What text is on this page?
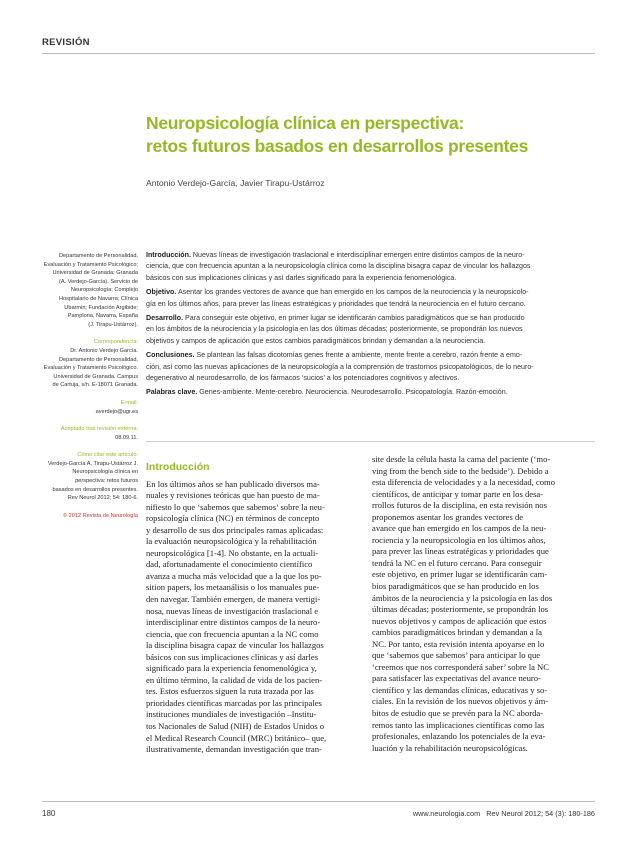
REVISIÓN
Neuropsicología clínica en perspectiva:
retos futuros basados en desarrollos presentes
Antonio Verdejo-García, Javier Tirapu-Ustárroz

Departamento de Personalidad,

Evaluación y Tratamiento Psicológico;

Universidad de Granada; Granada

(A. Verdejo-García). Servicio de

Neuropsicología; Complejo

Hospitalario de Navarra; Clínica

Ubarmin; Fundación Argibide;

Pamplona, Navarra, España

(J. Tirapu-Ustárroz).

Correspondencia:

Dr. Antonio Verdejo García.

Departamento de Personalidad,

Evaluación y Tratamiento Psicológico.

Universidad de Granada. Campus

de Cartuja, s/n. E-18071 Granada.

E-mail:

averdejo@ugr.es

Aceptado tras revisión externa:

08.09.11.

Cómo citar este artículo:

Verdejo-García A, Tirapu-Ustárroz J.

Neuropsicología clínica en

perspectiva: retos futuros

basados en desarrollos presentes.

Rev Neurol 2012; 54: 180-6.

© 2012 Revista de Neurología

Introducción. Nuevas líneas de investigación traslacional e interdisciplinar emergen entre distintos campos de la neuro-
ciencia, que con frecuencia apuntan a la neuropsicología clínica como la disciplina bisagra capaz de vincular los hallazgos
básicos con sus implicaciones clínicas y así darles significado para la experiencia fenomenológica.

Objetivo. Asentar los grandes vectores de avance que han emergido en los campos de la neurociencia y la neuropsicolo-
gía en los últimos años, para prever las líneas estratégicas y prioridades que tendrá la neurociencia en el futuro cercano.

Desarrollo. Para conseguir este objetivo, en primer lugar se identificarán cambios paradigmáticos que se han producido
en los ámbitos de la neurociencia y la psicología en las dos últimas décadas; posteriormente, se propondrán los nuevos
objetivos y campos de aplicación que estos cambios paradigmáticos brindan y demandan a la neurociencia.

Conclusiones. Se plantean las falsas dicotomías genes frente a ambiente, mente frente a cerebro, razón frente a emo-
ción, así como las nuevas aplicaciones de la neuropsicología a la comprensión de trastornos psicopatológicos, de lo neuro-
degenerativo al neurodesarrollo, de los fármacos ‘sucios’ a los potenciadores cognitivos y afectivos.

Palabras clave. Genes-ambiente. Mente-cerebro. Neurociencia. Neurodesarrollo. Psicopatología. Razón-emoción.

Introducción
En los últimos años se han publicado diversos ma-
nuales y revisiones teóricas que han puesto de ma-
nifiesto lo que ‘sabemos que sabemos’ sobre la neu-
ropsicología clínica (NC) en términos de concepto
y desarrollo de sus dos principales ramas aplicadas:
la evaluación neuropsicológica y la rehabilitación
neuropsicológica [1-4]. No obstante, en la actuali-
dad, afortunadamente el conocimiento científico
avanza a mucha más velocidad que a la que los po-
sition papers, los metaanálisis o los manuales pue-
den navegar. También emergen, de manera vertigi-
nosa, nuevas líneas de investigación traslacional e
interdisciplinar entre distintos campos de la neuro-
ciencia, que con frecuencia apuntan a la NC como
la disciplina bisagra capaz de vincular los hallazgos
básicos con sus implicaciones clínicas y así darles
significado para la experiencia fenomenológica y,
en último término, la calidad de vida de los pacien-
tes. Estos esfuerzos siguen la ruta trazada por las
prioridades científicas marcadas por las principales
instituciones mundiales de investigación –Institu-
tos Nacionales de Salud (NIH) de Estados Unidos o
el Medical Research Council (MRC) británico– que,
ilustrativamente, demandan investigación que tran-
site desde la célula hasta la cama del paciente (‘mo-
ving from the bench side to the bedside’). Debido a
esta diferencia de velocidades y a la necesidad, como
científicos, de anticipar y tomar parte en los desa-
rrollos futuros de la disciplina, en esta revisión nos
proponemos asentar los grandes vectores de
avance que han emergido en los campos de la neu-
rociencia y la neuropsicología en los últimos años,
para prever las líneas estratégicas y prioridades que
tendrá la NC en el futuro cercano. Para conseguir
este objetivo, en primer lugar se identificarán cam-
bios paradigmáticos que se han producido en los
ámbitos de la neurociencia y la psicología en las dos
últimas décadas; posteriormente, se propondrán los
nuevos objetivos y campos de aplicación que estos
cambios paradigmáticos brindan y demandan a la
NC. Por tanto, esta revisión intenta apoyarse en lo
que ‘sabemos que sabemos’ para anticipar lo que
‘creemos que nos corresponderá saber’ sobre la NC
para satisfacer las expectativas del avance neuro-
científico y las demandas clínicas, educativas y so-
ciales. En la revisión de los nuevos objetivos y ám-
bitos de estudio que se prevén para la NC aborda-
remos tanto las implicaciones científicas como las
profesionales, enlazando los potenciales de la eva-
luación y la rehabilitación neuropsicológicas.
180	www.neurologia.com Rev Neurol 2012; 54 (3): 180-186
